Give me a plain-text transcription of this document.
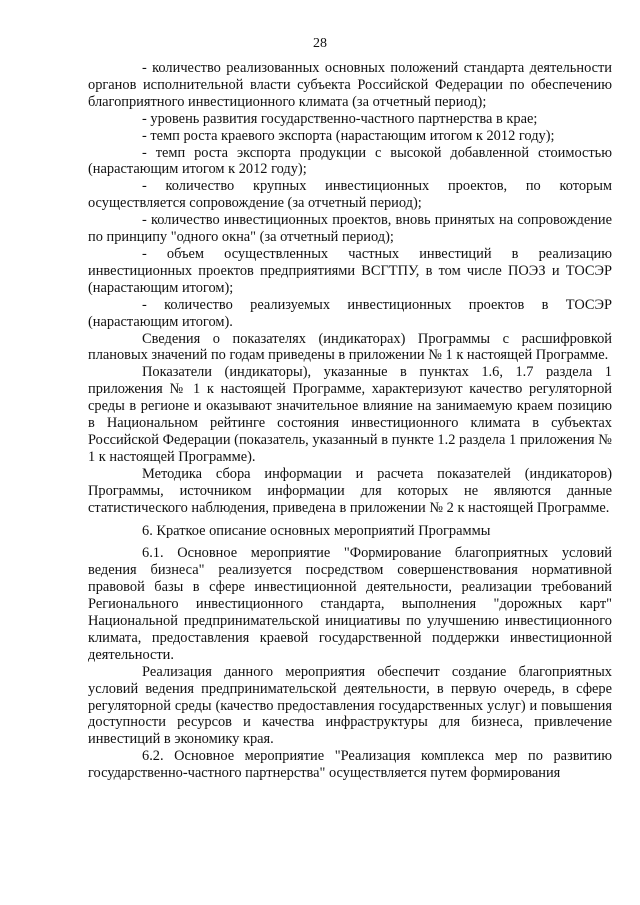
28

- количество реализованных основных положений стандарта деятельности органов исполнительной власти субъекта Российской Федерации по обеспечению благоприятного инвестиционного климата (за отчетный период);

- уровень развития государственно-частного партнерства в крае;

- темп роста краевого экспорта (нарастающим итогом к 2012 году);

- темп роста экспорта продукции с высокой добавленной стоимостью (нарастающим итогом к 2012 году);

- количество крупных инвестиционных проектов, по которым осуществляется сопровождение (за отчетный период);

- количество инвестиционных проектов, вновь принятых на сопровождение по принципу "одного окна" (за отчетный период);

- объем осуществленных частных инвестиций в реализацию инвестиционных проектов предприятиями ВСГТПУ, в том числе ПОЭЗ и ТОСЭР (нарастающим итогом);

- количество реализуемых инвестиционных проектов в ТОСЭР (нарастающим итогом).

Сведения о показателях (индикаторах) Программы с расшифровкой плановых значений по годам приведены в приложении № 1 к настоящей Программе.

Показатели (индикаторы), указанные в пунктах 1.6, 1.7 раздела 1 приложения № 1 к настоящей Программе, характеризуют качество регуляторной среды в регионе и оказывают значительное влияние на занимаемую краем позицию в Национальном рейтинге состояния инвестиционного климата в субъектах Российской Федерации (показатель, указанный в пункте 1.2 раздела 1 приложения № 1 к настоящей Программе).

Методика сбора информации и расчета показателей (индикаторов) Программы, источником информации для которых не являются данные статистического наблюдения, приведена в приложении № 2 к настоящей Программе.

6. Краткое описание основных мероприятий Программы

6.1. Основное мероприятие "Формирование благоприятных условий ведения бизнеса" реализуется посредством совершенствования нормативной правовой базы в сфере инвестиционной деятельности, реализации требований Регионального инвестиционного стандарта, выполнения "дорожных карт" Национальной предпринимательской инициативы по улучшению инвестиционного климата, предоставления краевой государственной поддержки инвестиционной деятельности.

Реализация данного мероприятия обеспечит создание благоприятных условий ведения предпринимательской деятельности, в первую очередь, в сфере регуляторной среды (качество предоставления государственных услуг) и повышения доступности ресурсов и качества инфраструктуры для бизнеса, привлечение инвестиций в экономику края.

6.2. Основное мероприятие "Реализация комплекса мер по развитию государственно-частного партнерства" осуществляется путем формирования
